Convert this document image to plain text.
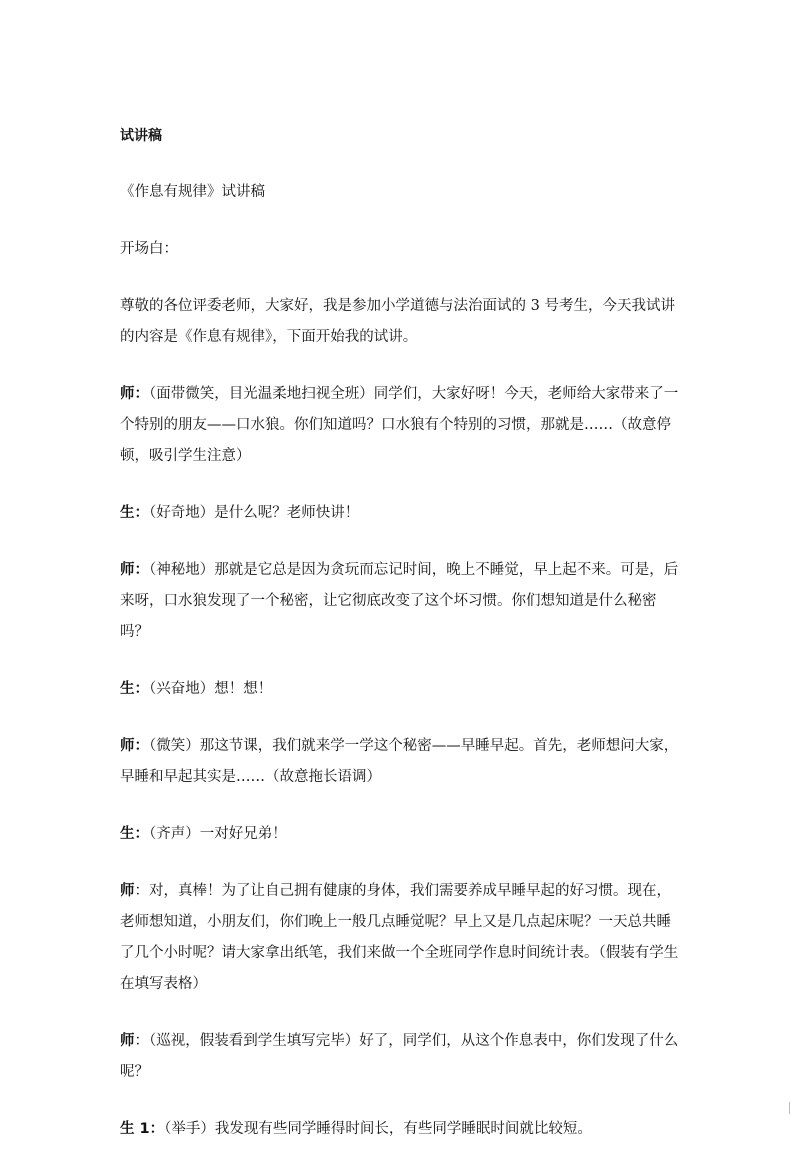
试讲稿

《作息有规律》试讲稿

开场白：

尊敬的各位评委老师，大家好，我是参加小学道德与法治面试的 3 号考生，今天我试讲的内容是《作息有规律》，下面开始我的试讲。

师：（面带微笑，目光温柔地扫视全班）同学们，大家好呀！今天，老师给大家带来了一个特别的朋友——口水狼。你们知道吗？口水狼有个特别的习惯，那就是……（故意停顿，吸引学生注意）

生：（好奇地）是什么呢？老师快讲！

师：（神秘地）那就是它总是因为贪玩而忘记时间，晚上不睡觉，早上起不来。可是，后来呀，口水狼发现了一个秘密，让它彻底改变了这个坏习惯。你们想知道是什么秘密吗？

生：（兴奋地）想！想！

师：（微笑）那这节课，我们就来学一学这个秘密——早睡早起。首先，老师想问大家，早睡和早起其实是……（故意拖长语调）

生：（齐声）一对好兄弟！

师：对，真棒！为了让自己拥有健康的身体，我们需要养成早睡早起的好习惯。现在，老师想知道，小朋友们，你们晚上一般几点睡觉呢？早上又是几点起床呢？一天总共睡了几个小时呢？请大家拿出纸笔，我们来做一个全班同学作息时间统计表。（假装有学生在填写表格）

师：（巡视，假装看到学生填写完毕）好了，同学们，从这个作息表中，你们发现了什么呢？

生 1：（举手）我发现有些同学睡得时间长，有些同学睡眠时间就比较短。
